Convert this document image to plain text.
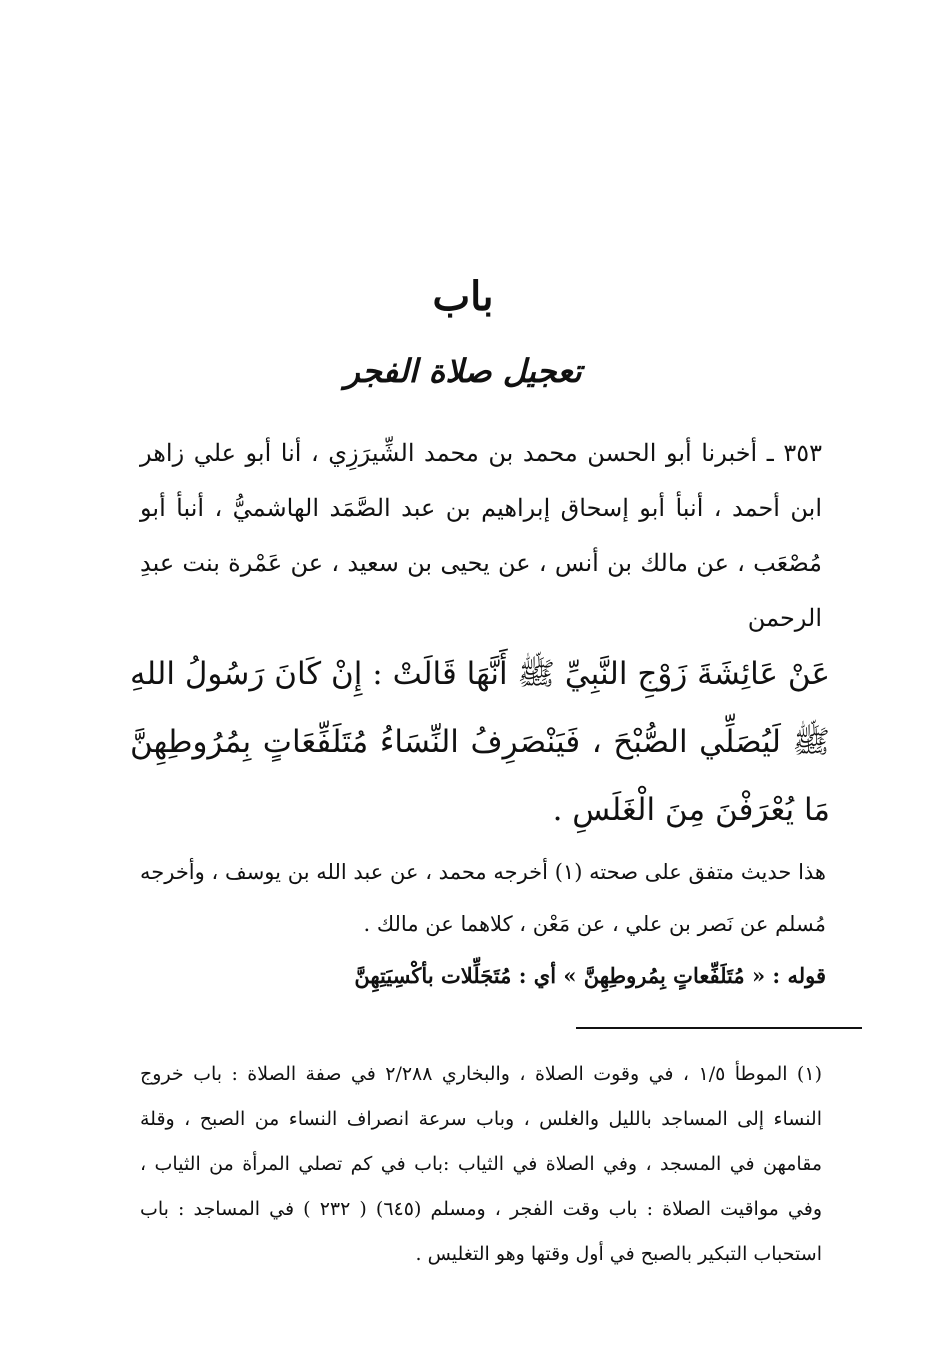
باب
تعجيل صلاة الفجر

٣٥٣ ـ أخبرنا أبو الحسن محمد بن محمد الشِّيرَزِي ، أنا أبو علي زاهر ابن أحمد ، أنبأ أبو إسحاق إبراهيم بن عبد الصَّمَد الهاشميُّ ، أنبأ أبو مُصْعَب ، عن مالك بن أنس ، عن يحيى بن سعيد ، عن عَمْرة بنت عبدِ الرحمن

عَنْ عَائِشَةَ زَوْجِ النَّبِيِّ ﷺ أَنَّهَا قَالَتْ : إِنْ كَانَ رَسُولُ اللهِ ﷺ لَيُصَلِّي الصُّبْحَ ، فَيَنْصَرِفُ النِّسَاءُ مُتَلَفِّعَاتٍ بِمُرُوطِهِنَّ مَا يُعْرَفْنَ مِنَ الْغَلَسِ .

هذا حديث متفق على صحته (١) أخرجه محمد ، عن عبد الله بن يوسف ، وأخرجه مُسلم عن نَصر بن علي ، عن مَعْن ، كلاهما عن مالك .

قوله : « مُتَلَفِّعاتٍ بِمُروطِهِنَّ » أي : مُتَجَلِّلات بأكْسِيَتِهِنَّ

(١) الموطأ ١/٥ ، في وقوت الصلاة ، والبخاري ٢/٢٨٨ في صفة الصلاة : باب خروج النساء إلى المساجد بالليل والغلس ، وباب سرعة انصراف النساء من الصبح ، وقلة مقامهن في المسجد ، وفي الصلاة في الثياب :باب في كم تصلي المرأة من الثياب ، وفي مواقيت الصلاة : باب وقت الفجر ، ومسلم (٦٤٥) ( ٢٣٢ ) في المساجد : باب استحباب التبكير بالصبح في أول وقتها وهو التغليس .
